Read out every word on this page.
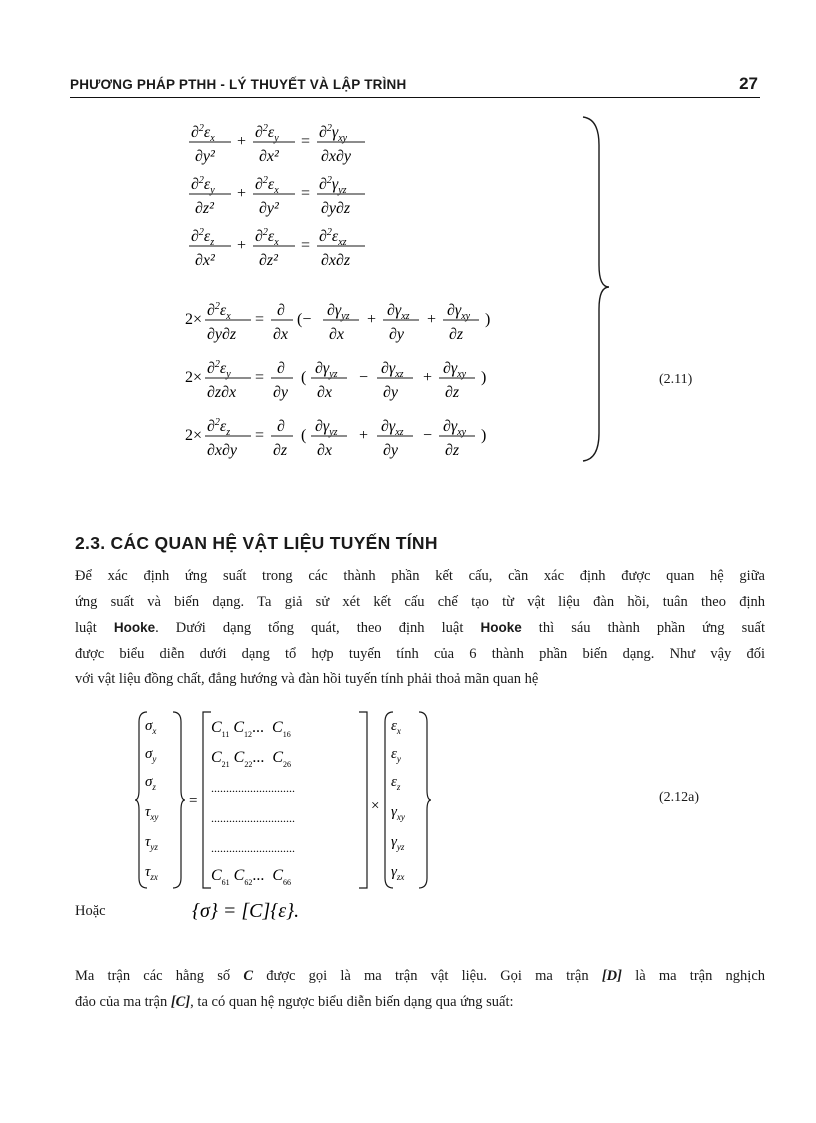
PHƯƠNG PHÁP PTHH - LÝ THUYẾT VÀ LẬP TRÌNH	27
$\partial^2\varepsilon_x$
∂y²
+
$\partial^2\varepsilon_y$
∂x²
=
$\partial^2\gamma_{xy}$
∂x∂y
$\partial^2\varepsilon_y$
∂z²
+
$\partial^2\varepsilon_x$
∂y²
=
$\partial^2\gamma_{yz}$
∂y∂z
$\partial^2\varepsilon_z$
∂x²
+
$\partial^2\varepsilon_x$
∂z²
=
$\partial^2\varepsilon_{xz}$
∂x∂z
2×
$\partial^2\varepsilon_x$
∂y∂z
=
∂
∂x
(−
$\partial\gamma_{yz}$
∂x
+
$\partial\gamma_{xz}$
∂y
+
$\partial\gamma_{xy}$
∂z
)
2×
$\partial^2\varepsilon_y$
∂z∂x
=
∂
∂y
(
$\partial\gamma_{yz}$
∂x
−
$\partial\gamma_{xz}$
∂y
+
$\partial\gamma_{xy}$
∂z
)
2×
$\partial^2\varepsilon_z$
∂x∂y
=
∂
∂z
(
$\partial\gamma_{yz}$
∂x
+
$\partial\gamma_{xz}$
∂y
−
$\partial\gamma_{xy}$
∂z
)
(2.11)
2.3. CÁC QUAN HỆ VẬT LIỆU TUYẾN TÍNH
Để xác định ứng suất trong các thành phần kết cấu, cần xác định được quan hệ giữa
ứng suất và biến dạng. Ta giả sử xét kết cấu chế tạo từ vật liệu đàn hồi, tuân theo định
luật Hooke. Dưới dạng tổng quát, theo định luật Hooke thì sáu thành phần ứng suất
được biểu diễn dưới dạng tổ hợp tuyến tính của 6 thành phần biến dạng. Như vậy đối
với vật liệu đồng chất, đẳng hướng và đàn hồi tuyến tính phải thoả mãn quan hệ
$\sigma_x$
$\sigma_y$
$\sigma_z$
$\tau_{xy}$
$\tau_{yz}$
$\tau_{zx}$
=
$C_{11}$ $C_{12}$... $C_{16}$
$C_{21}$ $C_{22}$... $C_{26}$
............................
............................
............................
$C_{61}$ $C_{62}$... $C_{66}$
×
$\varepsilon_x$
$\varepsilon_y$
$\varepsilon_z$
$\gamma_{xy}$
$\gamma_{yz}$
$\gamma_{zx}$
(2.12a)
Hoặc	{σ} = [C]{ε}.
Ma trận các hằng số C được gọi là ma trận vật liệu. Gọi ma trận [D] là ma trận nghịch
đảo của ma trận [C], ta có quan hệ ngược biểu diễn biến dạng qua ứng suất:
